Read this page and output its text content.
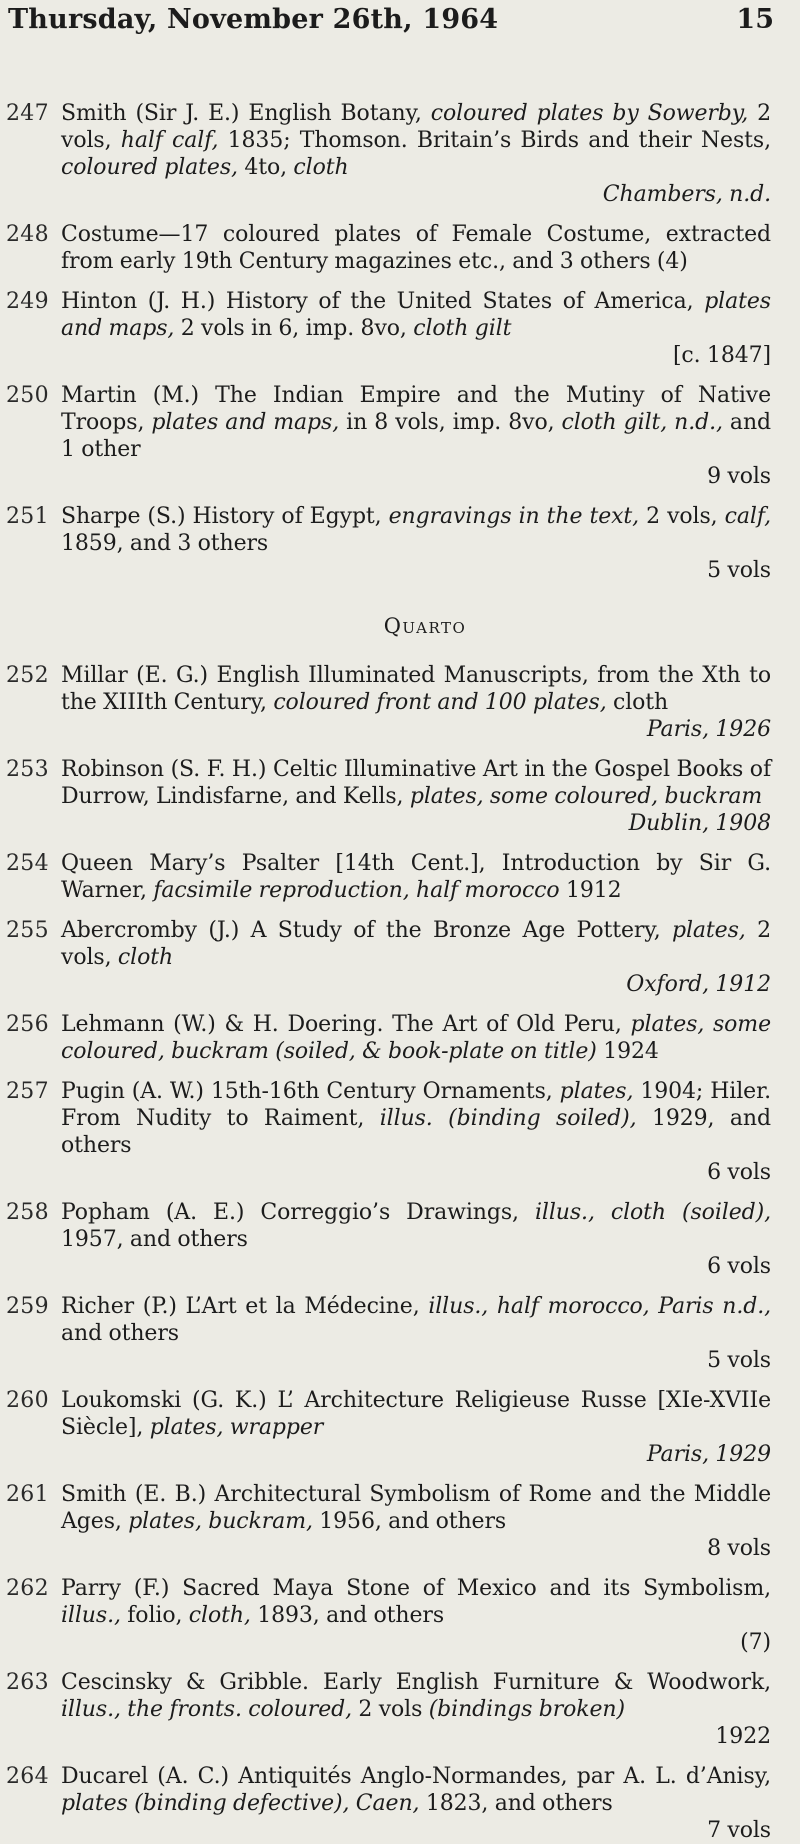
Thursday, November 26th, 1964	15
247 Smith (Sir J. E.) English Botany, coloured plates by Sowerby, 2 vols, half calf, 1835; Thomson. Britain’s Birds and their Nests,coloured plates, 4to, cloth
Chambers, n.d.
248 Costume—17 coloured plates of Female Costume, extracted from early 19th Century magazines etc., and 3 others (4)
249 Hinton (J. H.) History of the United States of America, plates and maps, 2 vols in 6, imp. 8vo, cloth gilt
[c. 1847]
250 Martin (M.) The Indian Empire and the Mutiny of Native Troops, plates and maps, in 8 vols, imp. 8vo, cloth gilt, n.d., and 1 other
9 vols
251 Sharpe (S.) History of Egypt, engravings in the text, 2 vols, calf,1859, and 3 others
5 vols
Quarto
252 Millar (E. G.) English Illuminated Manuscripts, from the Xth to the XIIIth Century, coloured front and 100 plates, cloth
Paris, 1926
253 Robinson (S. F. H.) Celtic Illuminative Art in the Gospel Books of Durrow, Lindisfarne, and Kells, plates, some coloured, buckram
Dublin, 1908
254 Queen Mary’s Psalter [14th Cent.], Introduction by Sir G. Warner, facsimile reproduction, half morocco 1912
255 Abercromby (J.) A Study of the Bronze Age Pottery, plates, 2 vols, cloth
Oxford, 1912
256 Lehmann (W.) & H. Doering. The Art of Old Peru, plates, some coloured, buckram (soiled, & book-plate on title) 1924
257 Pugin (A. W.) 15th-16th Century Ornaments, plates, 1904; Hiler. From Nudity to Raiment, illus. (binding soiled), 1929, and others
6 vols
258 Popham (A. E.) Correggio’s Drawings, illus., cloth (soiled),1957, and others
6 vols
259 Richer (P.) L’Art et la Médecine, illus., half morocco, Paris n.d.,and others
5 vols
260 Loukomski (G. K.) L’ Architecture Religieuse Russe [XIe-XVIIe Siècle], plates, wrapper
Paris, 1929
261 Smith (E. B.) Architectural Symbolism of Rome and the Middle Ages, plates, buckram, 1956, and others
8 vols
262 Parry (F.) Sacred Maya Stone of Mexico and its Symbolism,illus., folio, cloth, 1893, and others
(7)
263 Cescinsky & Gribble. Early English Furniture & Woodwork,illus., the fronts. coloured, 2 vols (bindings broken)
1922
264 Ducarel (A. C.) Antiquités Anglo-Normandes, par A. L. d’Anisy,plates (binding defective), Caen, 1823, and others
7 vols
